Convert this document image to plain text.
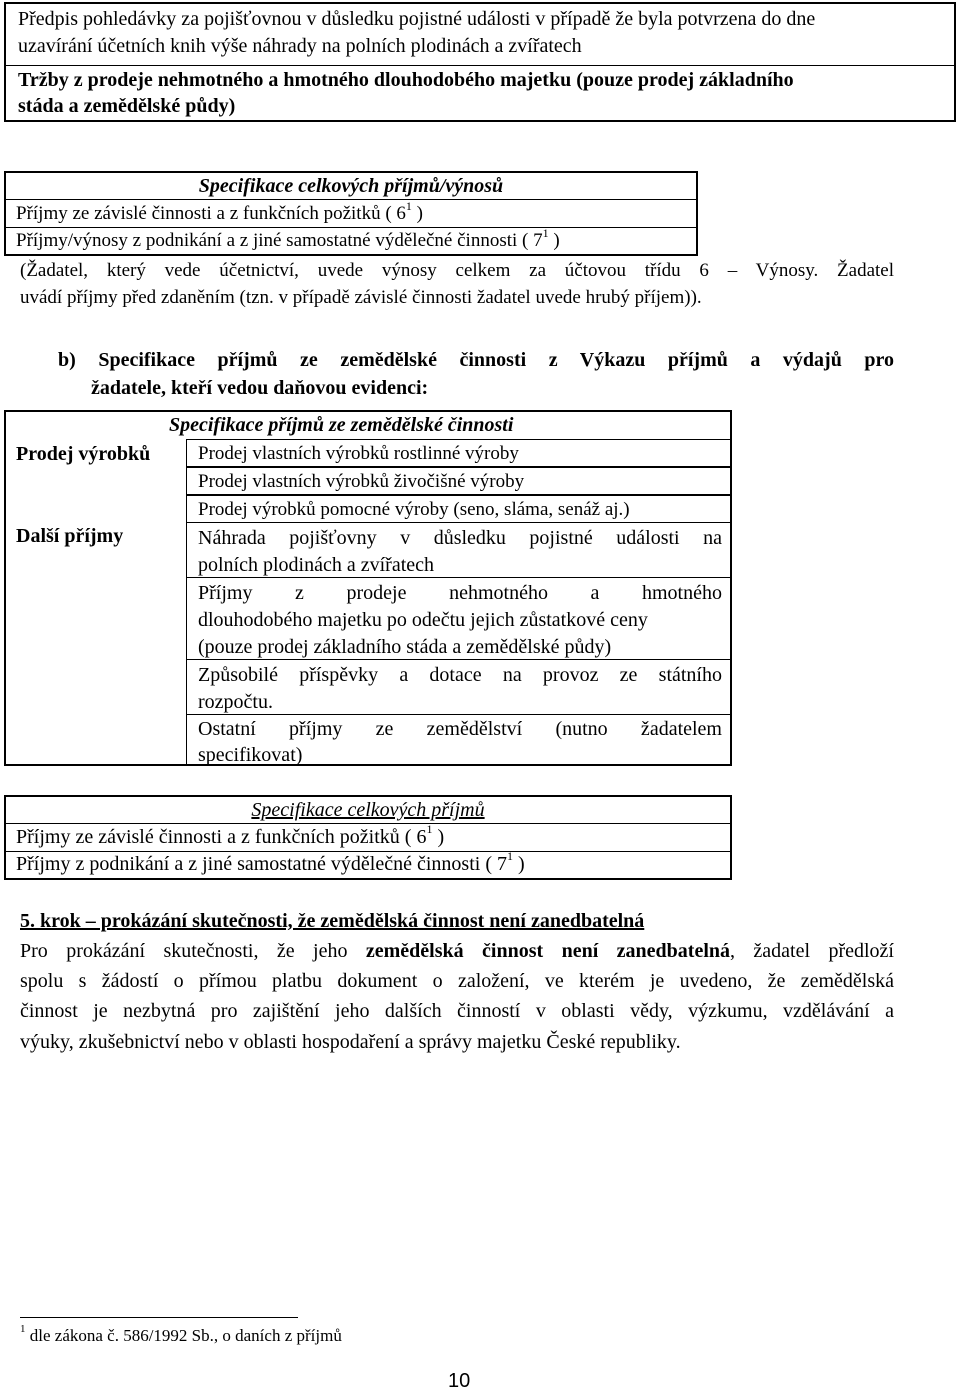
Předpis pohledávky za pojišťovnou v důsledku pojistné události v případě že byla potvrzena do dne
uzavírání účetních knih výše náhrady na polních plodinách a zvířatech
Tržby z prodeje nehmotného a hmotného dlouhodobého majetku (pouze prodej základního
stáda a zemědělské půdy)
Specifikace celkových příjmů/výnosů
Příjmy ze závislé činnosti a z funkčních požitků ( $6^1$ )
Příjmy/výnosy z podnikání a z jiné samostatné výdělečné činnosti ( $7^1$ )
(Žadatel, který vede účetnictví, uvede výnosy celkem za účtovou třídu 6 – Výnosy. Žadatel
uvádí příjmy před zdaněním (tzn. v případě závislé činnosti žadatel uvede hrubý příjem)).
b) Specifikace příjmů ze zemědělské činnosti z Výkazu příjmů a výdajů pro
žadatele, kteří vedou daňovou evidenci:
Specifikace příjmů ze zemědělské činnosti
Prodej výrobků
Další příjmy
Prodej vlastních výrobků rostlinné výroby
Prodej vlastních výrobků živočišné výroby
Prodej výrobků pomocné výroby (seno, sláma, senáž aj.)
Náhrada pojišťovny v důsledku pojistné události na
polních plodinách a zvířatech
Příjmy z prodeje nehmotného a hmotného
dlouhodobého majetku po odečtu jejich zůstatkové ceny
(pouze prodej základního stáda a zemědělské půdy)
Způsobilé příspěvky a dotace na provoz ze státního
rozpočtu.
Ostatní příjmy ze zemědělství (nutno žadatelem
specifikovat)
Specifikace celkových příjmů
Příjmy ze závislé činnosti a z funkčních požitků ( $6^1$ )
Příjmy z podnikání a z jiné samostatné výdělečné činnosti ( $7^1$ )
5. krok – prokázání skutečnosti, že zemědělská činnost není zanedbatelná
Pro prokázání skutečnosti, že jeho zemědělská činnost není zanedbatelná, žadatel předloží
spolu s žádostí o přímou platbu dokument o založení, ve kterém je uvedeno, že zemědělská
činnost je nezbytná pro zajištění jeho dalších činností v oblasti vědy, výzkumu, vzdělávání a
výuky, zkušebnictví nebo v oblasti hospodaření a správy majetku České republiky.
$^1$ dle zákona č. 586/1992 Sb., o daních z příjmů
10
